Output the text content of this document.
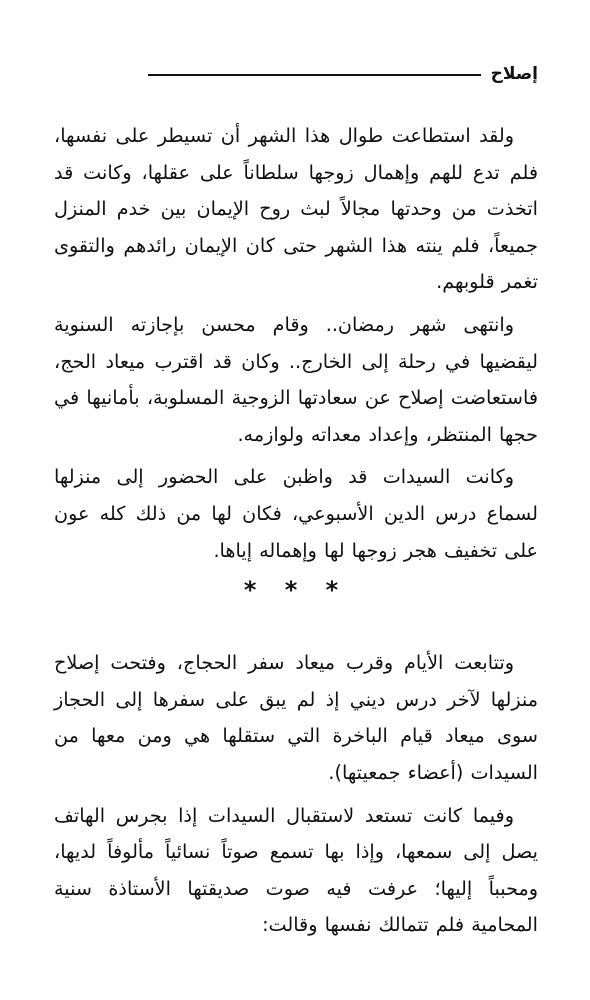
إصلاح

ولقد استطاعت طوال هذا الشهر أن تسيطر على نفسها، فلم تدع للهم وإهمال زوجها سلطاناً على عقلها، وكانت قد اتخذت من وحدتها مجالاً لبث روح الإيمان بين خدم المنزل جميعاً، فلم ينته هذا الشهر حتى كان الإيمان رائدهم والتقوى تغمر قلوبهم.

وانتهى شهر رمضان.. وقام محسن بإجازته السنوية ليقضيها في رحلة إلى الخارج.. وكان قد اقترب ميعاد الحج، فاستعاضت إصلاح عن سعادتها الزوجية المسلوبة، بأمانيها في حجها المنتظر، وإعداد معداته ولوازمه.

وكانت السيدات قد واظبن على الحضور إلى منزلها لسماع درس الدين الأسبوعي، فكان لها من ذلك كله عون على تخفيف هجر زوجها لها وإهماله إياها.

* * *

وتتابعت الأيام وقرب ميعاد سفر الحجاج، وفتحت إصلاح منزلها لآخر درس ديني إذ لم يبق على سفرها إلى الحجاز سوى ميعاد قيام الباخرة التي ستقلها هي ومن معها من السيدات (أعضاء جمعيتها).

وفيما كانت تستعد لاستقبال السيدات إذا بجرس الهاتف يصل إلى سمعها، وإذا بها تسمع صوتاً نسائياً مألوفاً لديها، ومحبباً إليها؛ عرفت فيه صوت صديقتها الأستاذة سنية المحامية فلم تتمالك نفسها وقالت:
